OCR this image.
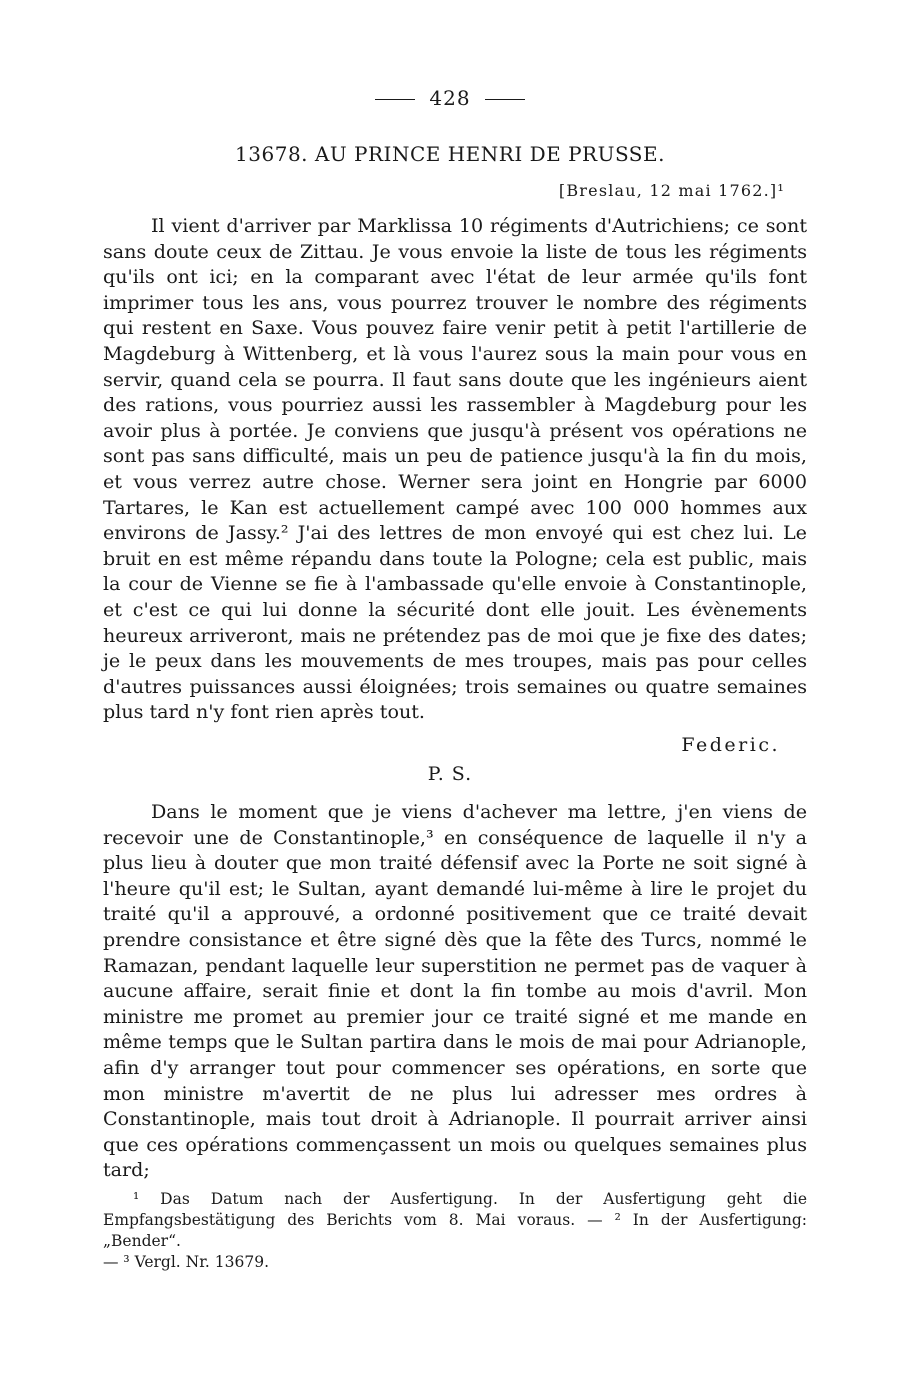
428
13678. AU PRINCE HENRI DE PRUSSE.
[Breslau, 12 mai 1762.]¹

Il vient d'arriver par Marklissa 10 régiments d'Autrichiens; ce sont sans doute ceux de Zittau. Je vous envoie la liste de tous les régiments qu'ils ont ici; en la comparant avec l'état de leur armée qu'ils font imprimer tous les ans, vous pourrez trouver le nombre des régiments qui restent en Saxe. Vous pouvez faire venir petit à petit l'artillerie de Magdeburg à Wittenberg, et là vous l'aurez sous la main pour vous en servir, quand cela se pourra. Il faut sans doute que les ingénieurs aient des rations, vous pourriez aussi les rassembler à Magdeburg pour les avoir plus à portée. Je conviens que jusqu'à présent vos opérations ne sont pas sans difficulté, mais un peu de patience jusqu'à la fin du mois, et vous verrez autre chose. Werner sera joint en Hongrie par 6000 Tartares, le Kan est actuellement campé avec 100 000 hommes aux environs de Jassy.² J'ai des lettres de mon envoyé qui est chez lui. Le bruit en est même répandu dans toute la Pologne; cela est public, mais la cour de Vienne se fie à l'ambassade qu'elle envoie à Constantinople, et c'est ce qui lui donne la sécurité dont elle jouit. Les évènements heureux arriveront, mais ne prétendez pas de moi que je fixe des dates; je le peux dans les mouvements de mes troupes, mais pas pour celles d'autres puissances aussi éloignées; trois semaines ou quatre semaines plus tard n'y font rien après tout.

Federic.
P. S.

Dans le moment que je viens d'achever ma lettre, j'en viens de recevoir une de Constantinople,³ en conséquence de laquelle il n'y a plus lieu à douter que mon traité défensif avec la Porte ne soit signé à l'heure qu'il est; le Sultan, ayant demandé lui-même à lire le projet du traité qu'il a approuvé, a ordonné positivement que ce traité devait prendre consistance et être signé dès que la fête des Turcs, nommé le Ramazan, pendant laquelle leur superstition ne permet pas de vaquer à aucune affaire, serait finie et dont la fin tombe au mois d'avril. Mon ministre me promet au premier jour ce traité signé et me mande en même temps que le Sultan partira dans le mois de mai pour Adrianople, afin d'y arranger tout pour commencer ses opérations, en sorte que mon ministre m'avertit de ne plus lui adresser mes ordres à Constantinople, mais tout droit à Adrianople. Il pourrait arriver ainsi que ces opérations commençassent un mois ou quelques semaines plus tard;

¹ Das Datum nach der Ausfertigung. In der Ausfertigung geht die Empfangsbestätigung des Berichts vom 8. Mai voraus. — ² In der Ausfertigung: „Bender“.

— ³ Vergl. Nr. 13679.
